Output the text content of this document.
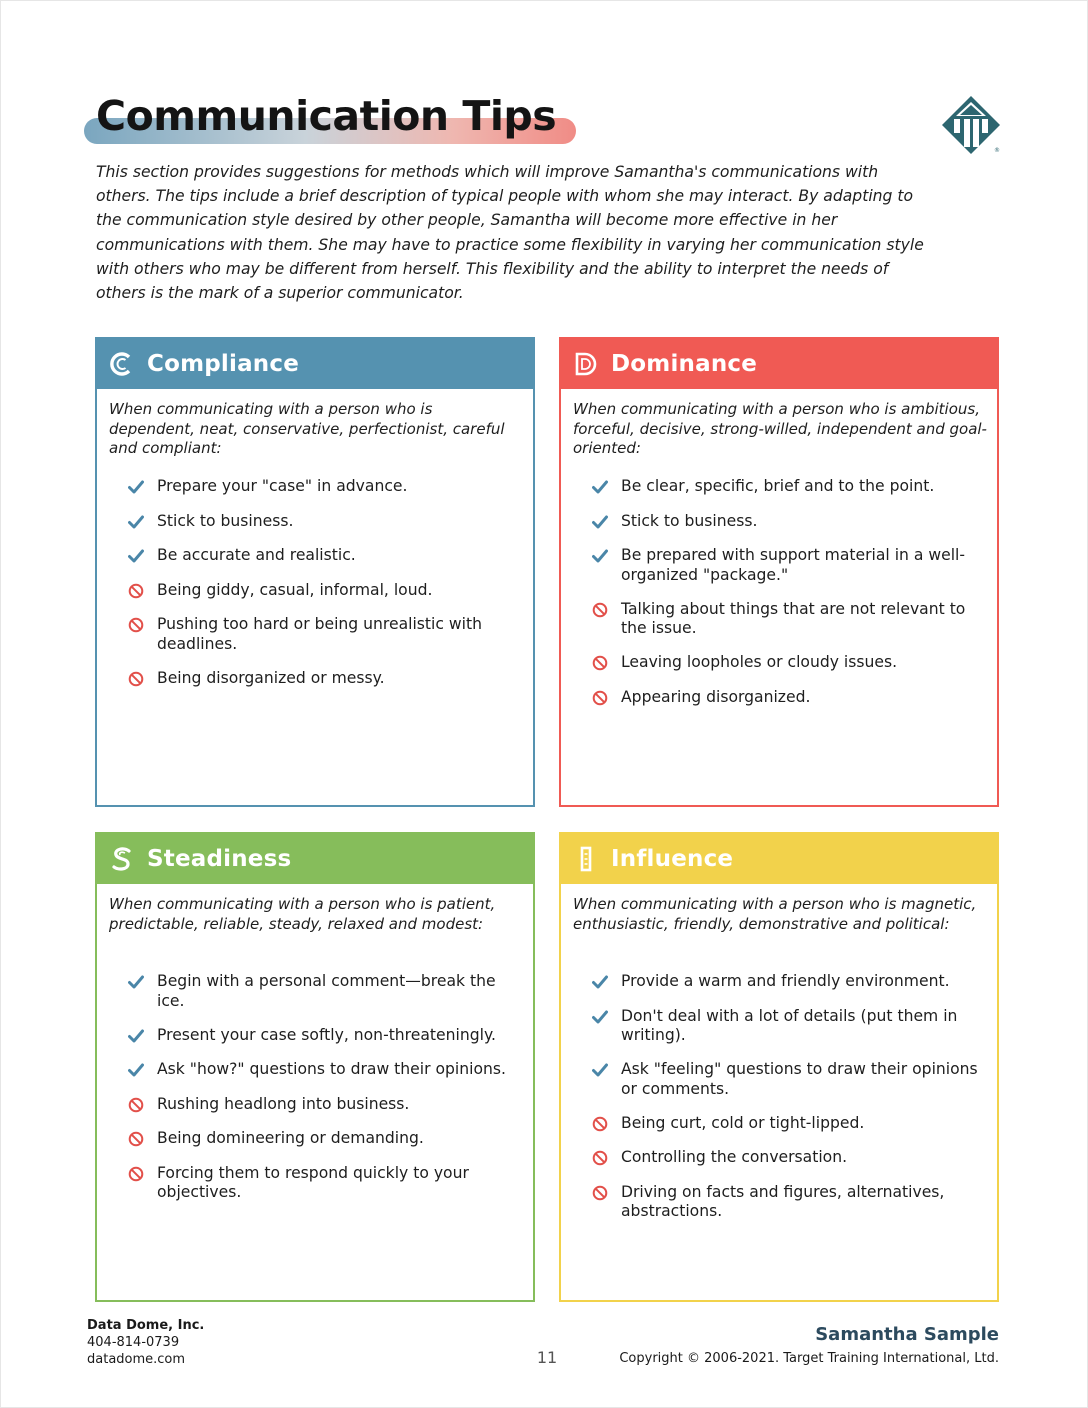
Communication Tips
®

This section provides suggestions for methods which will improve Samantha's communications with others. The tips include a brief description of typical people with whom she may interact. By adapting to the communication style desired by other people, Samantha will become more effective in her communications with them. She may have to practice some flexibility in varying her communication style with others who may be different from herself. This flexibility and the ability to interpret the needs of others is the mark of a superior communicator.

Compliance

When communicating with a person who is dependent, neat, conservative, perfectionist, careful and compliant:

Prepare your "case" in advance.
Stick to business.
Be accurate and realistic.
Being giddy, casual, informal, loud.
Pushing too hard or being unrealistic with deadlines.
Being disorganized or messy.
Dominance

When communicating with a person who is ambitious, forceful, decisive, strong-willed, independent and goal-oriented:

Be clear, specific, brief and to the point.
Stick to business.
Be prepared with support material in a well-organized "package."
Talking about things that are not relevant to the issue.
Leaving loopholes or cloudy issues.
Appearing disorganized.
Steadiness

When communicating with a person who is patient, predictable, reliable, steady, relaxed and modest:

Begin with a personal comment—break the ice.
Present your case softly, non-threateningly.
Ask "how?" questions to draw their opinions.
Rushing headlong into business.
Being domineering or demanding.
Forcing them to respond quickly to your objectives.
Influence

When communicating with a person who is magnetic, enthusiastic, friendly, demonstrative and political:

Provide a warm and friendly environment.
Don't deal with a lot of details (put them in writing).
Ask "feeling" questions to draw their opinions or comments.
Being curt, cold or tight-lipped.
Controlling the conversation.
Driving on facts and figures, alternatives, abstractions.
Data Dome, Inc.
404-814-0739
datadome.com	11
Samantha Sample
Copyright © 2006-2021. Target Training International, Ltd.
